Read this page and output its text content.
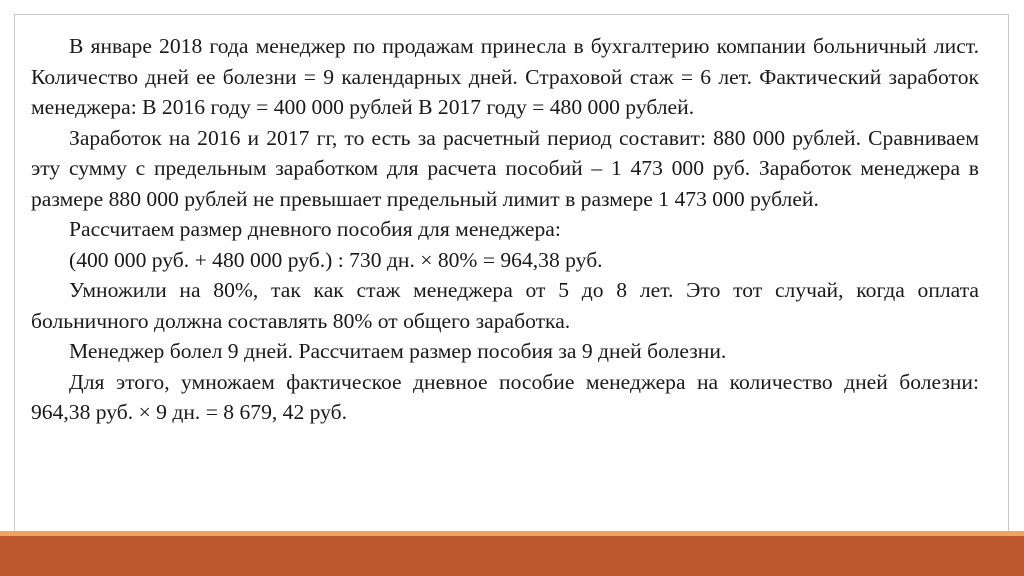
В январе 2018 года менеджер по продажам принесла в бухгалтерию компании больничный лист. Количество дней ее болезни = 9 календарных дней. Страховой стаж = 6 лет. Фактический заработок менеджера: В 2016 году = 400 000 рублей В 2017 году = 480 000 рублей.

Заработок на 2016 и 2017 гг, то есть за расчетный период составит: 880 000 рублей. Сравниваем эту сумму с предельным заработком для расчета пособий – 1 473 000 руб. Заработок менеджера в размере 880 000 рублей не превышает предельный лимит в размере 1 473 000 рублей.

Рассчитаем размер дневного пособия для менеджера:

(400 000 руб. + 480 000 руб.) : 730 дн. × 80% = 964,38 руб.

Умножили на 80%, так как стаж менеджера от 5 до 8 лет. Это тот случай, когда оплата больничного должна составлять 80% от общего заработка.

Менеджер болел 9 дней. Рассчитаем размер пособия за 9 дней болезни.

Для этого, умножаем фактическое дневное пособие менеджера на количество дней болезни: 964,38 руб. × 9 дн. = 8 679, 42 руб.
